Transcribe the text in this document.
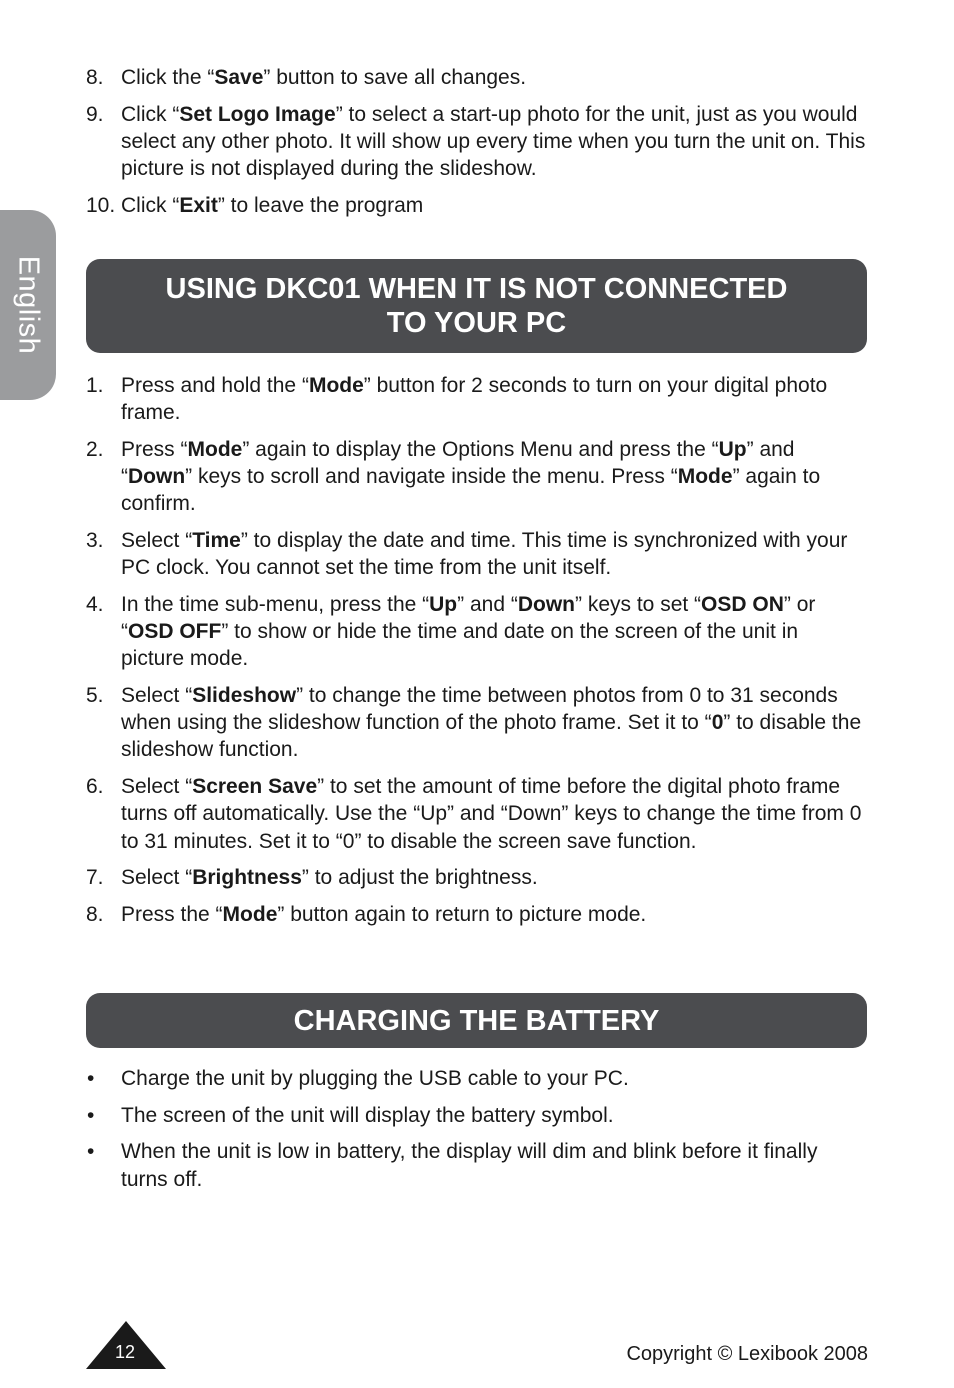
English
8. Click the “Save” button to save all changes.
9. Click “Set Logo Image” to select a start-up photo for the unit, just as you would select any other photo. It will show up every time when you turn the unit on. This picture is not displayed during the slideshow.
10. Click “Exit” to leave the program
USING DKC01 WHEN IT IS NOT CONNECTED
TO YOUR PC
1. Press and hold the “Mode” button for 2 seconds to turn on your digital photo frame.
2. Press “Mode” again to display the Options Menu and press the “Up” and “Down” keys to scroll and navigate inside the menu. Press “Mode” again to confirm.
3. Select “Time” to display the date and time. This time is synchronized with your PC clock. You cannot set the time from the unit itself.
4. In the time sub-menu, press the “Up” and “Down” keys to set “OSD ON” or “OSD OFF” to show or hide the time and date on the screen of the unit in picture mode.
5. Select “Slideshow” to change the time between photos from 0 to 31 seconds when using the slideshow function of the photo frame. Set it to “0” to disable the slideshow function.
6. Select “Screen Save” to set the amount of time before the digital photo frame turns off automatically. Use the “Up” and “Down” keys to change the time from 0 to 31 minutes. Set it to “0” to disable the screen save function.
7. Select “Brightness” to adjust the brightness.
8. Press the “Mode” button again to return to picture mode.
CHARGING THE BATTERY
• Charge the unit by plugging the USB cable to your PC.
• The screen of the unit will display the battery symbol.
• When the unit is low in battery, the display will dim and blink before it finally turns off.
12	Copyright © Lexibook 2008
